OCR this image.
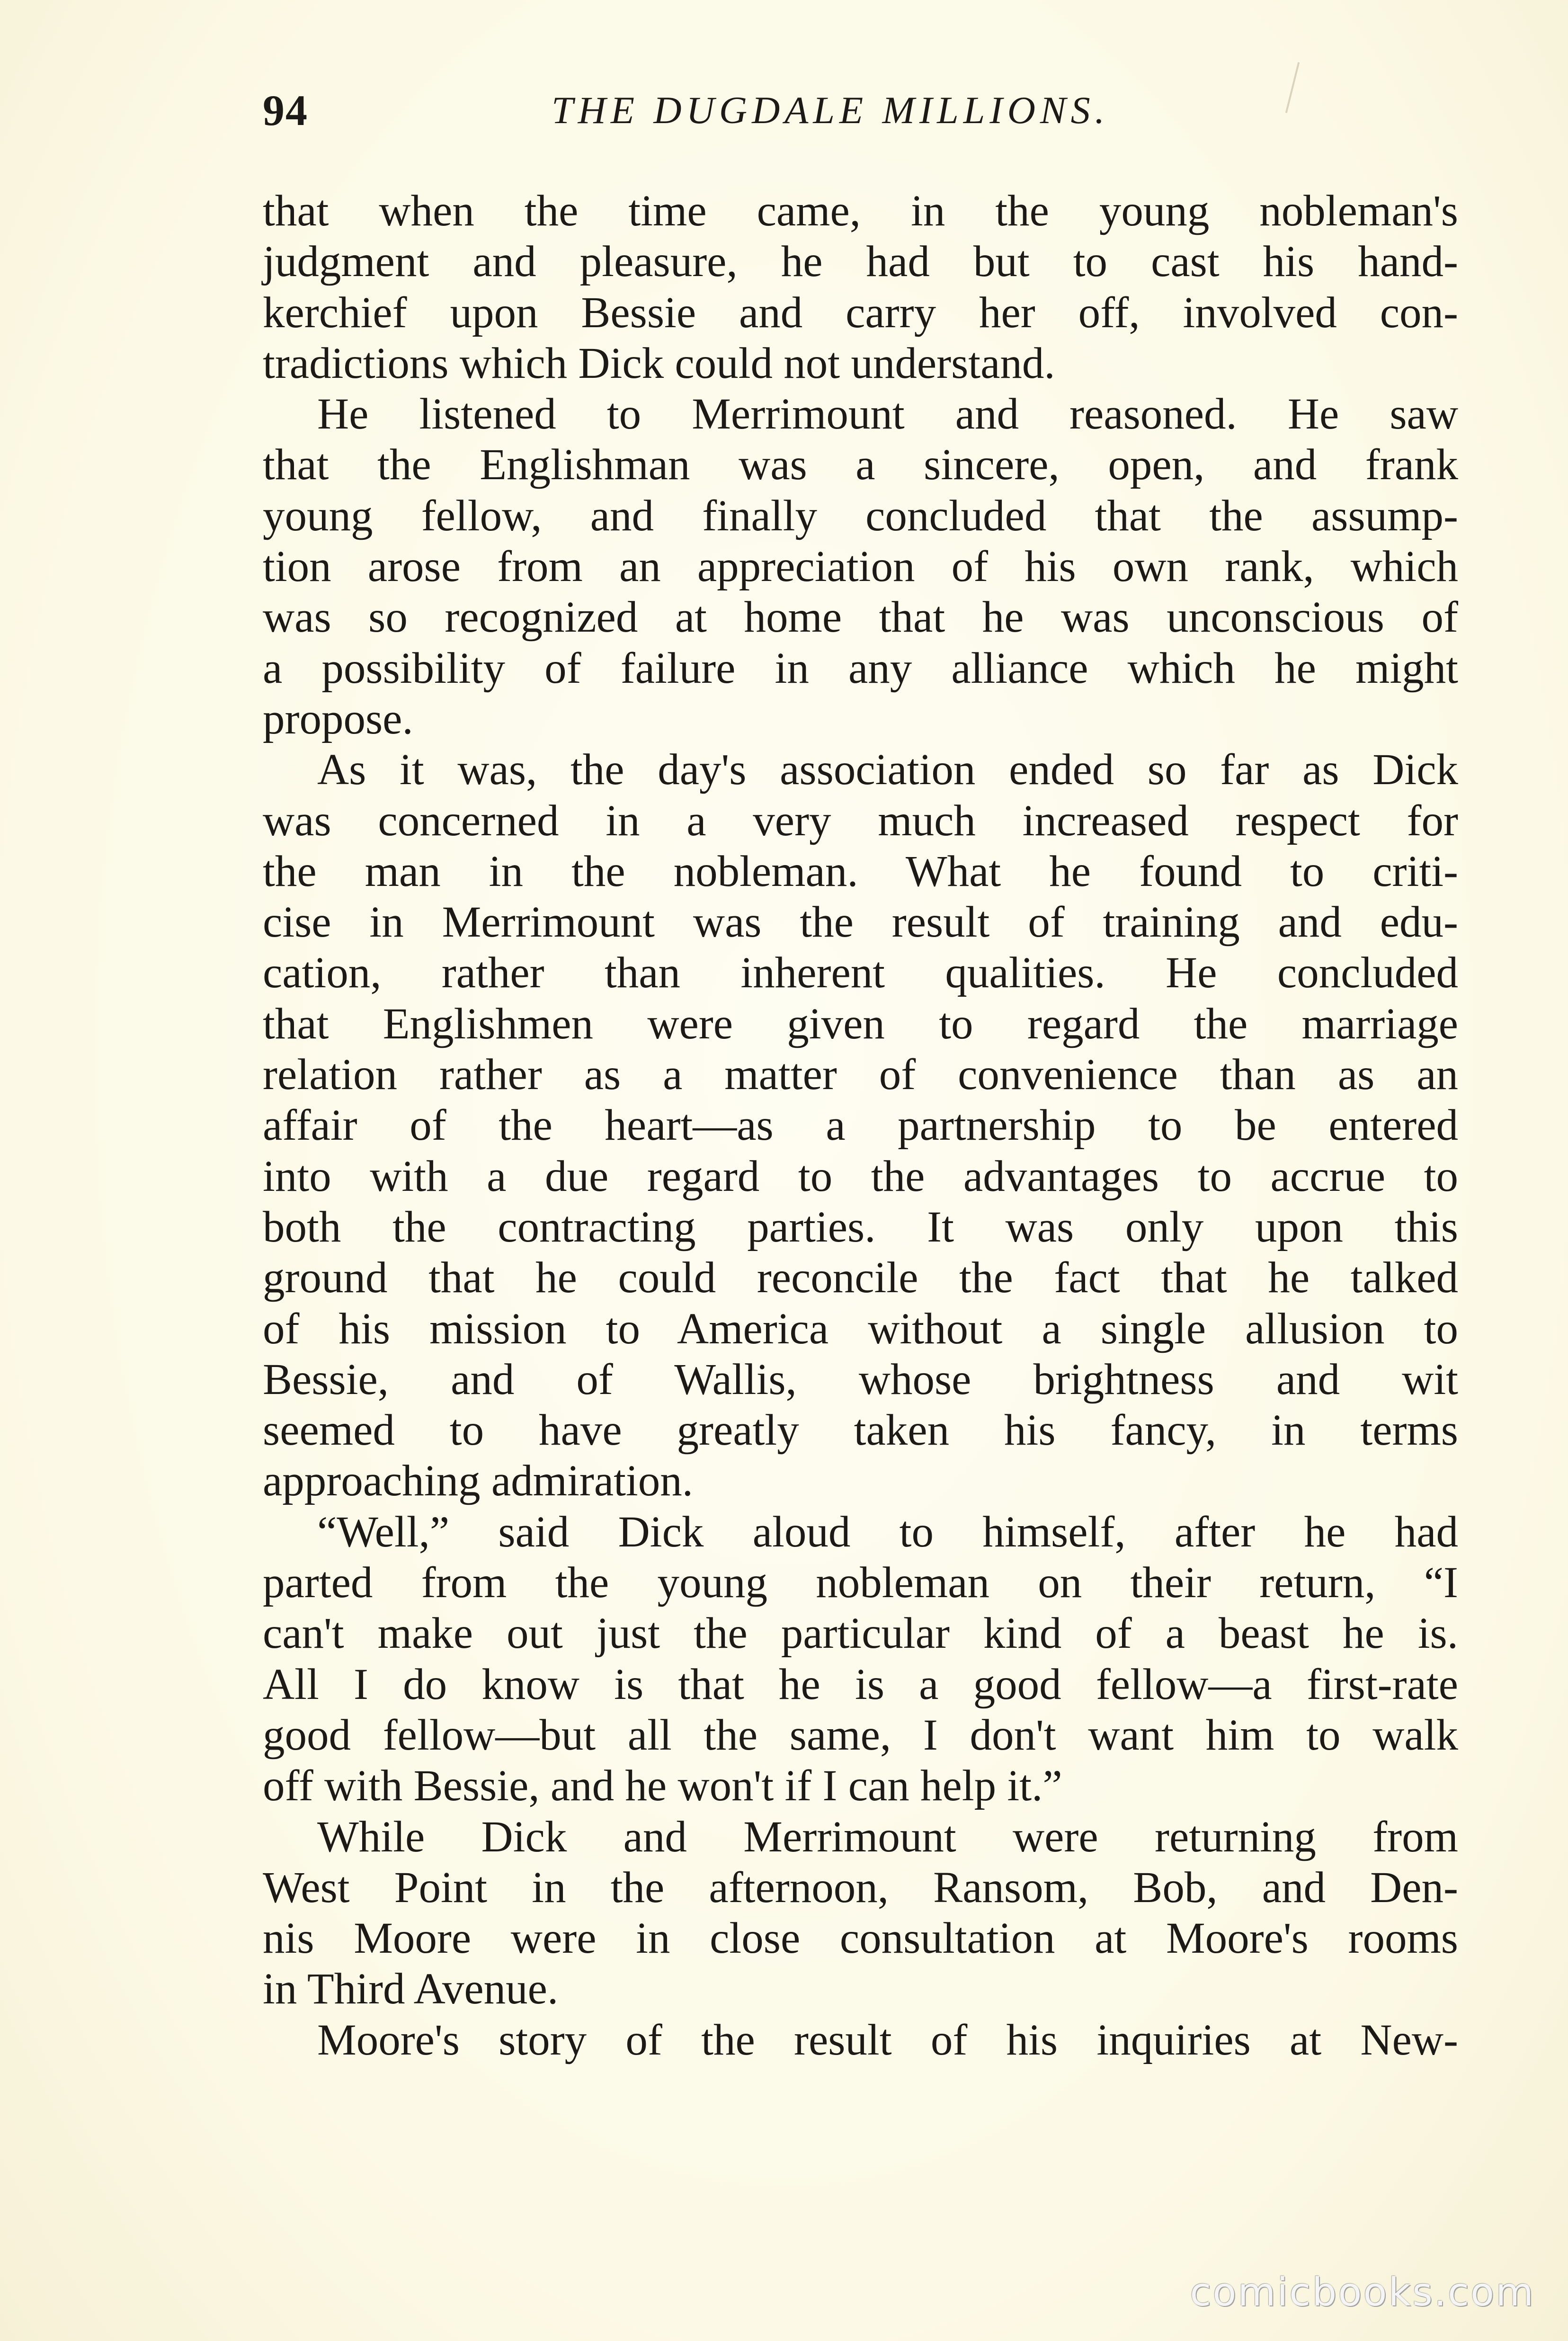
94	THE DUGDALE MILLIONS.
that when the time came, in the young nobleman's
judgment and pleasure, he had but to cast his hand-
kerchief upon Bessie and carry her off, involved con-
tradictions which Dick could not understand.
He listened to Merrimount and reasoned. He saw
that the Englishman was a sincere, open, and frank
young fellow, and finally concluded that the assump-
tion arose from an appreciation of his own rank, which
was so recognized at home that he was unconscious of
a possibility of failure in any alliance which he might
propose.
As it was, the day's association ended so far as Dick
was concerned in a very much increased respect for
the man in the nobleman. What he found to criti-
cise in Merrimount was the result of training and edu-
cation, rather than inherent qualities. He concluded
that Englishmen were given to regard the marriage
relation rather as a matter of convenience than as an
affair of the heart—as a partnership to be entered
into with a due regard to the advantages to accrue to
both the contracting parties. It was only upon this
ground that he could reconcile the fact that he talked
of his mission to America without a single allusion to
Bessie, and of Wallis, whose brightness and wit
seemed to have greatly taken his fancy, in terms
approaching admiration.
“Well,” said Dick aloud to himself, after he had
parted from the young nobleman on their return, “I
can't make out just the particular kind of a beast he is.
All I do know is that he is a good fellow—a first-rate
good fellow—but all the same, I don't want him to walk
off with Bessie, and he won't if I can help it.”
While Dick and Merrimount were returning from
West Point in the afternoon, Ransom, Bob, and Den-
nis Moore were in close consultation at Moore's rooms
in Third Avenue.
Moore's story of the result of his inquiries at New-
comicbooks.com
